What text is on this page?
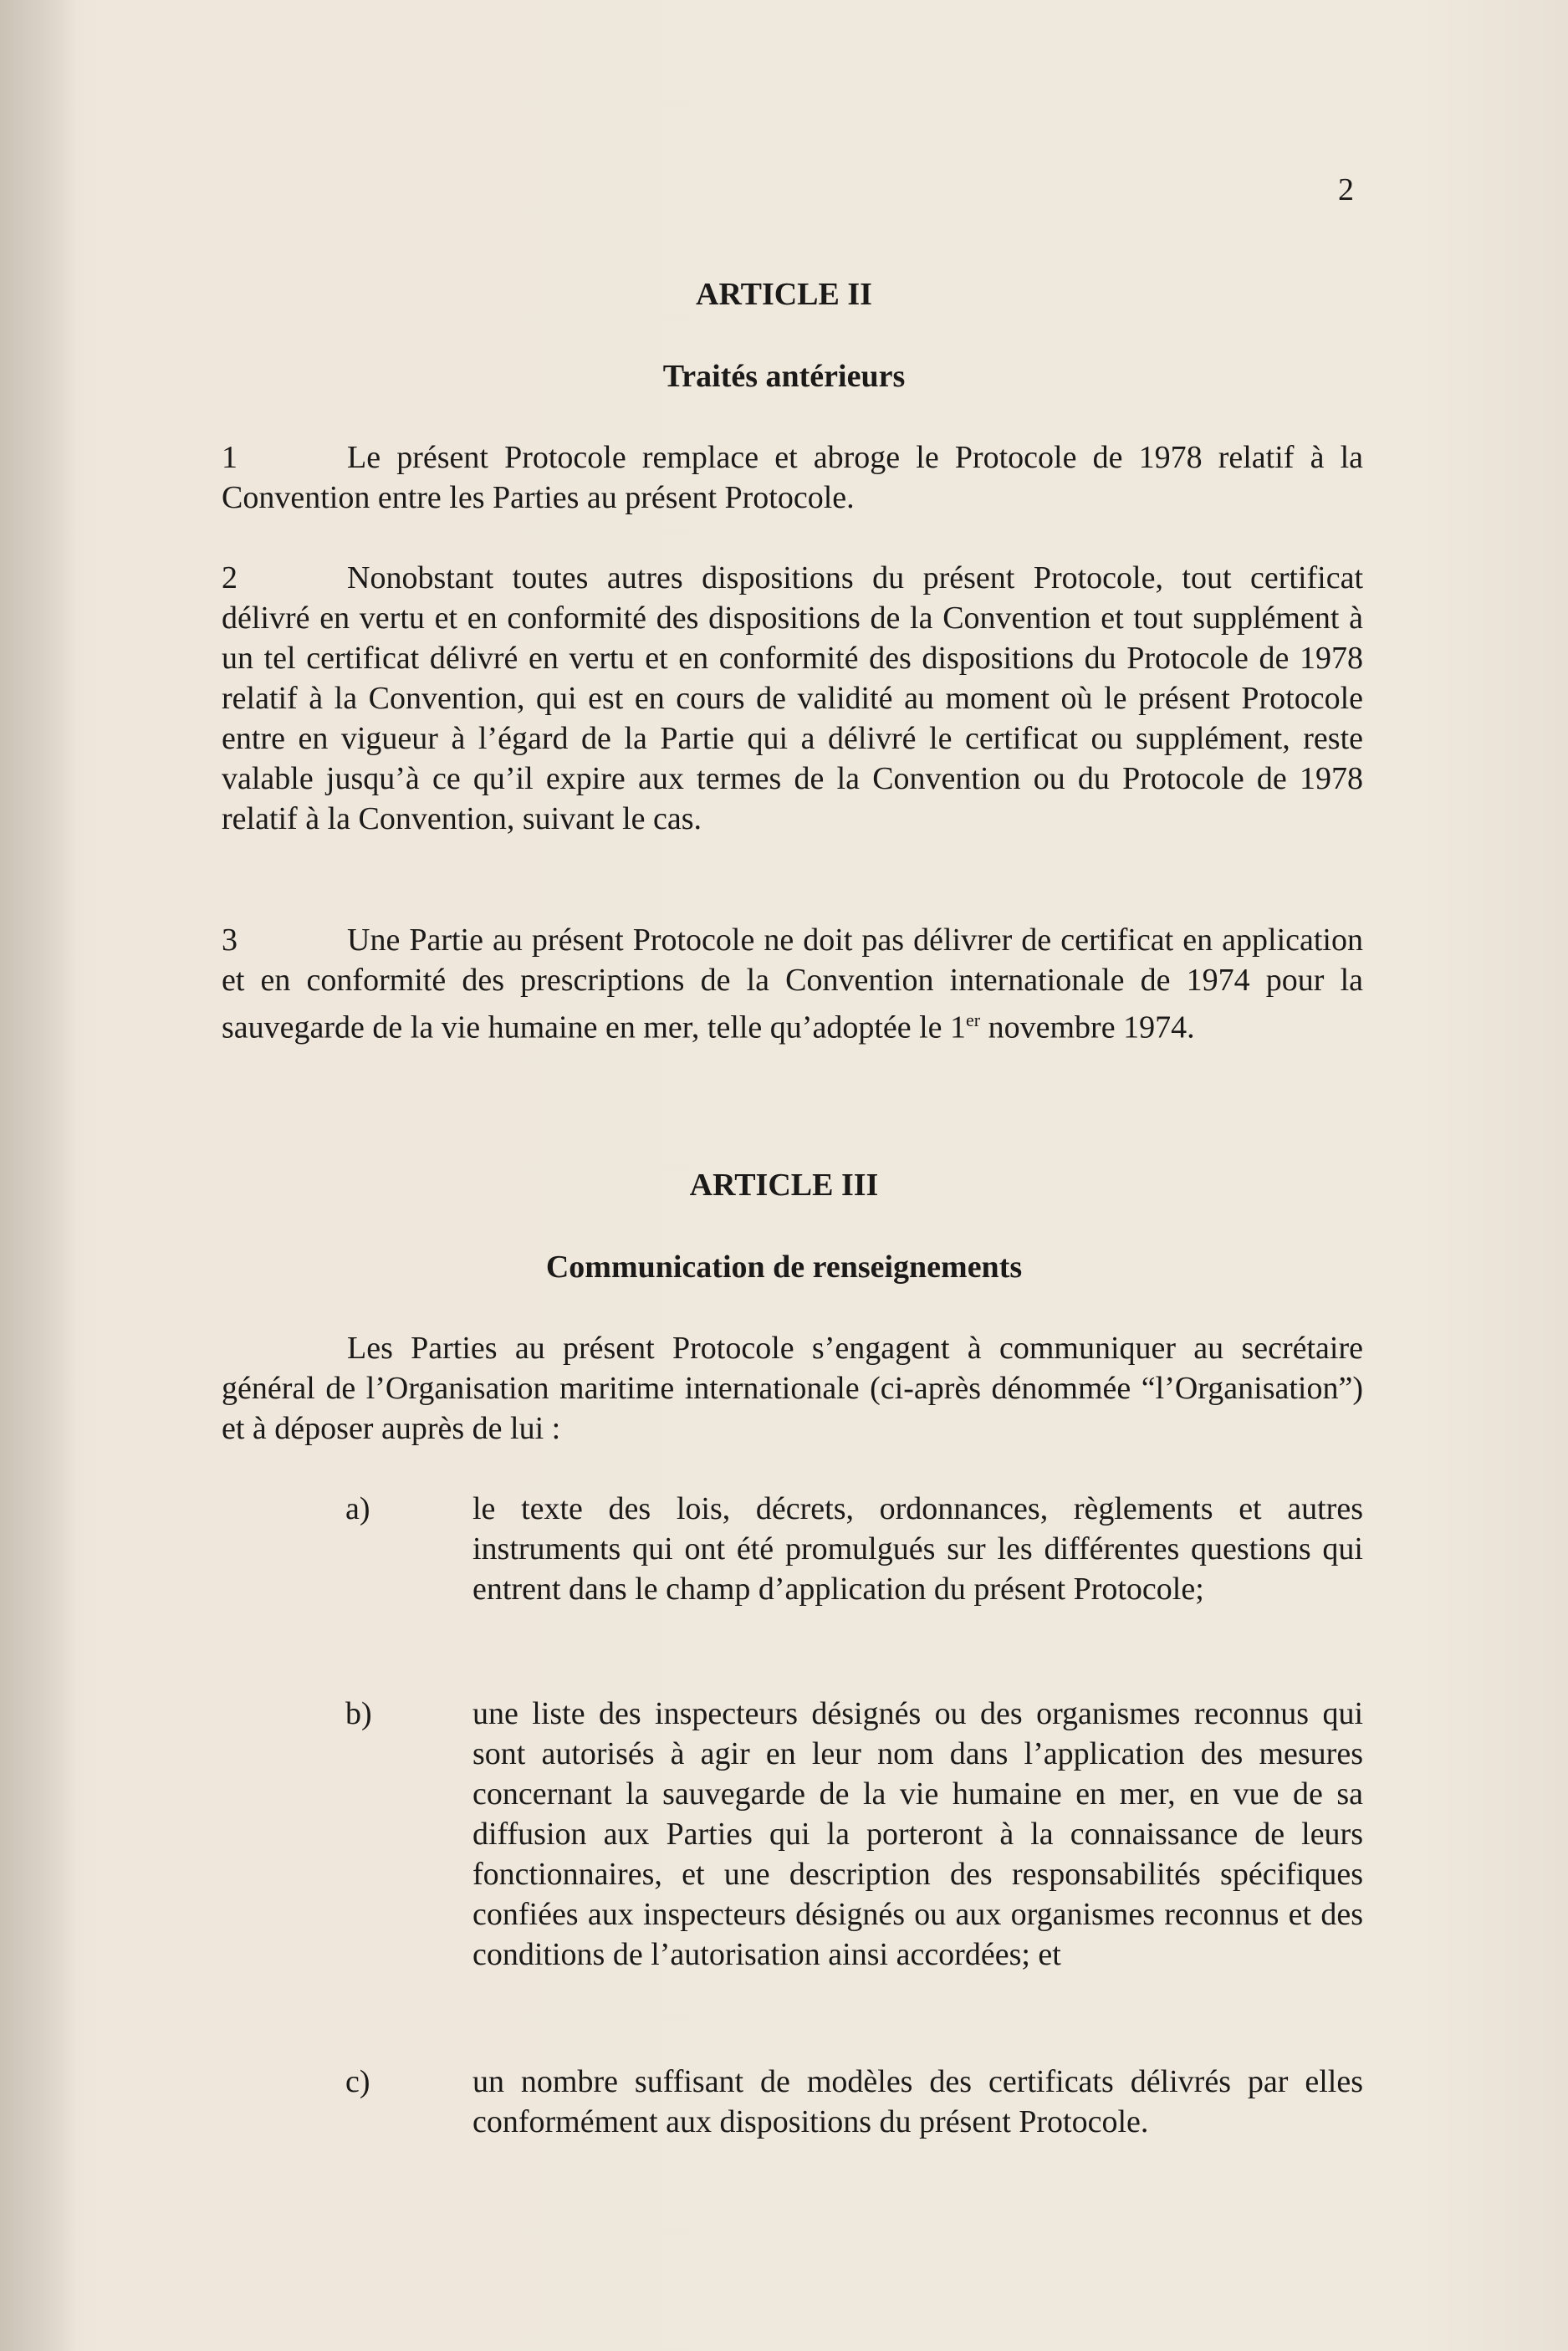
2
ARTICLE II
Traités antérieurs
1	Le présent Protocole remplace et abroge le Protocole de 1978 relatif à la Convention entre les Parties au présent Protocole.
2	Nonobstant toutes autres dispositions du présent Protocole, tout certificat délivré en vertu et en conformité des dispositions de la Convention et tout supplément à un tel certificat délivré en vertu et en conformité des dispositions du Protocole de 1978 relatif à la Convention, qui est en cours de validité au moment où le présent Protocole entre en vigueur à l’égard de la Partie qui a délivré le certificat ou supplément, reste valable jusqu’à ce qu’il expire aux termes de la Convention ou du Protocole de 1978 relatif à la Convention, suivant le cas.
3	Une Partie au présent Protocole ne doit pas délivrer de certificat en application et en conformité des prescriptions de la Convention internationale de 1974 pour la sauvegarde de la vie humaine en mer, telle qu’adoptée le 1er novembre 1974.
ARTICLE III
Communication de renseignements
Les Parties au présent Protocole s’engagent à communiquer au secrétaire général de l’Organisation maritime internationale (ci-après dénommée “l’Organisation”) et à déposer auprès de lui :
a)	le texte des lois, décrets, ordonnances, règlements et autres instruments qui ont été promulgués sur les différentes questions qui entrent dans le champ d’application du présent Protocole;
b)	une liste des inspecteurs désignés ou des organismes reconnus qui sont autorisés à agir en leur nom dans l’application des mesures concernant la sauvegarde de la vie humaine en mer, en vue de sa diffusion aux Parties qui la porteront à la connaissance de leurs fonctionnaires, et une description des responsabilités spécifiques confiées aux inspecteurs désignés ou aux organismes reconnus et des conditions de l’autorisation ainsi accordées; et
c)	un nombre suffisant de modèles des certificats délivrés par elles conformément aux dispositions du présent Protocole.
